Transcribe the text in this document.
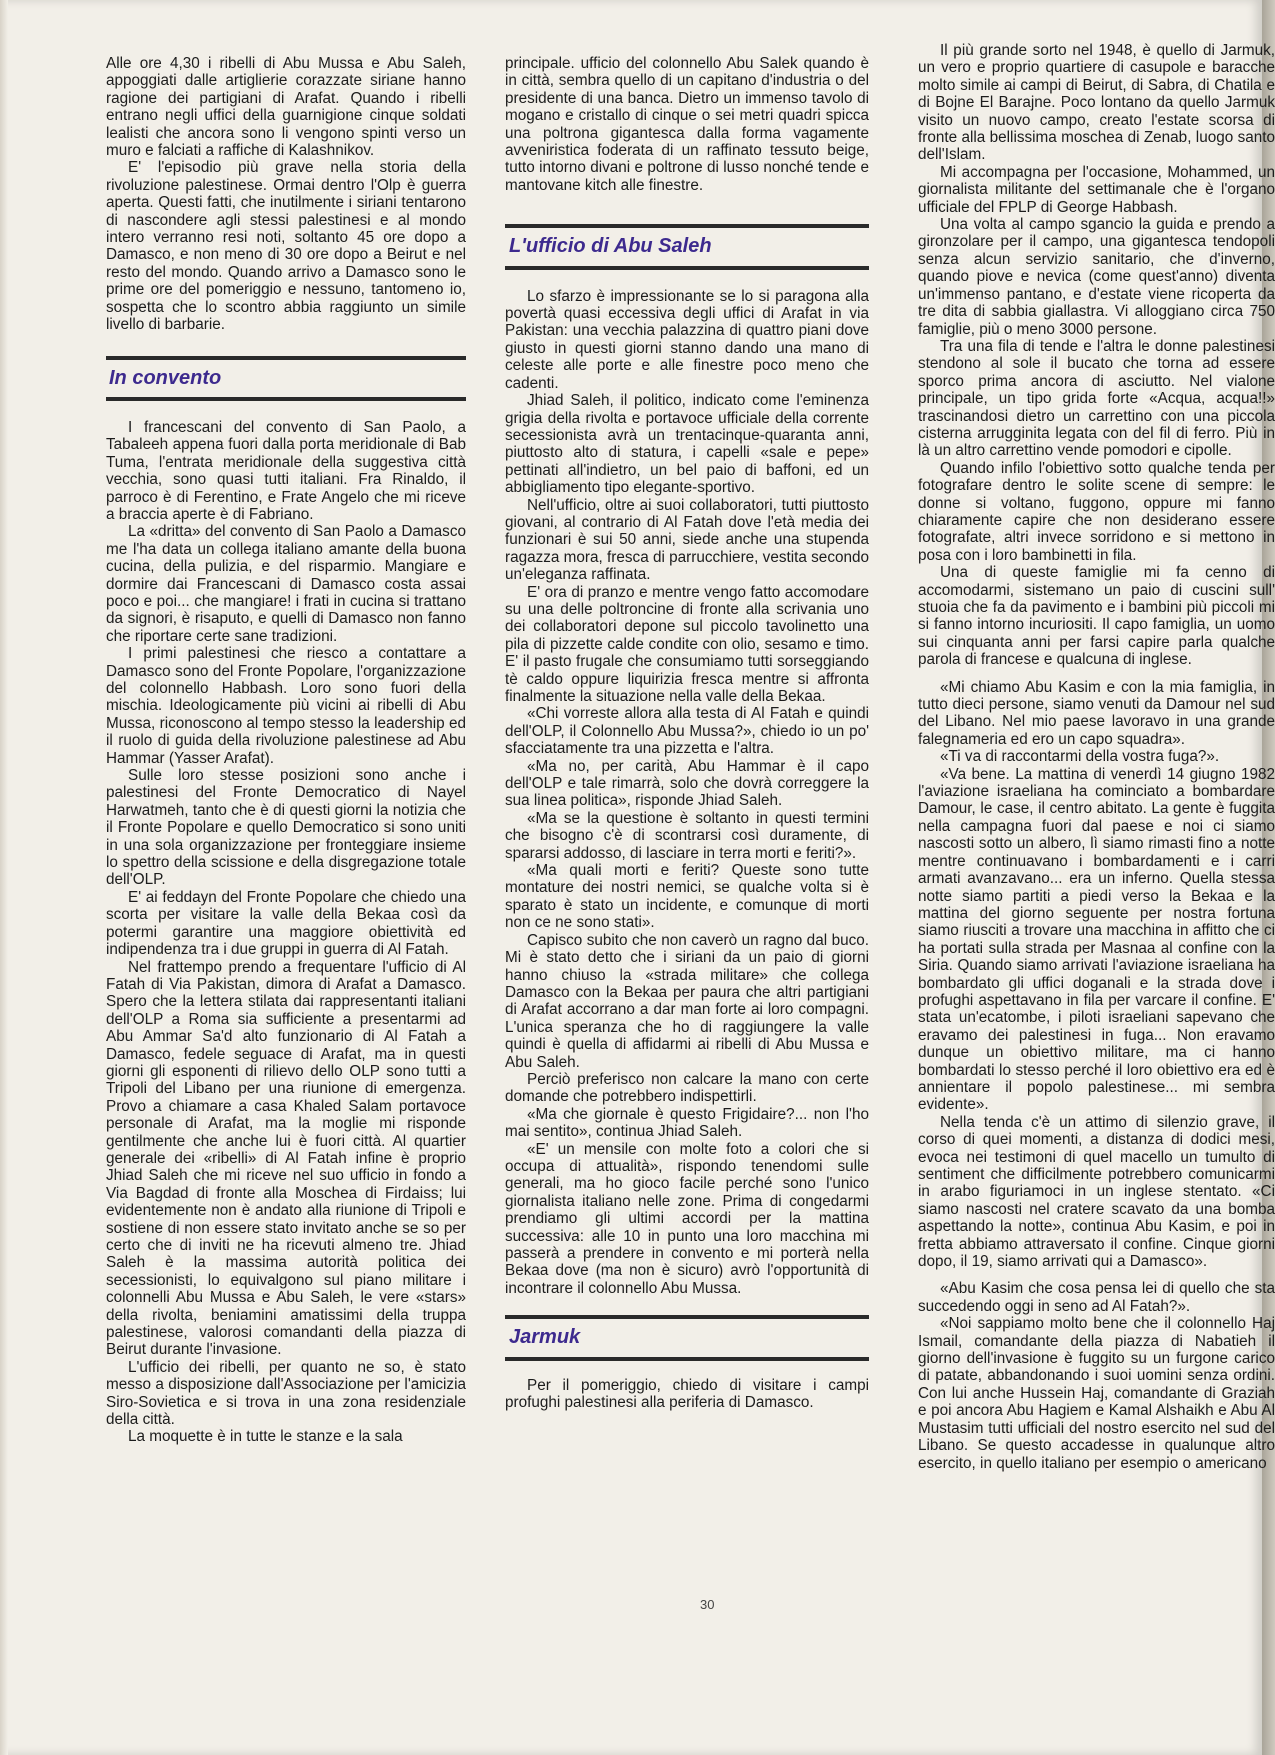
Alle ore 4,30 i ribelli di Abu Mussa e Abu Saleh, appoggiati dalle artiglierie corazzate siriane hanno ragione dei partigiani di Arafat. Quando i ribelli entrano negli uffici della guarnigione cinque soldati lealisti che ancora sono li vengono spinti verso un muro e falciati a raffiche di Kalashnikov.

E' l'episodio più grave nella storia della rivoluzione palestinese. Ormai dentro l'Olp è guerra aperta. Questi fatti, che inutilmente i siriani tentarono di nascondere agli stessi palestinesi e al mondo intero verranno resi noti, soltanto 45 ore dopo a Damasco, e non meno di 30 ore dopo a Beirut e nel resto del mondo. Quando arrivo a Damasco sono le prime ore del pomeriggio e nessuno, tantomeno io, sospetta che lo scontro abbia raggiunto un simile livello di barbarie.

In convento

I francescani del convento di San Paolo, a Tabaleeh appena fuori dalla porta meridionale di Bab Tuma, l'entrata meridionale della suggestiva città vecchia, sono quasi tutti italiani. Fra Rinaldo, il parroco è di Ferentino, e Frate Angelo che mi riceve a braccia aperte è di Fabriano.

La «dritta» del convento di San Paolo a Damasco me l'ha data un collega italiano amante della buona cucina, della pulizia, e del risparmio. Mangiare e dormire dai Francescani di Damasco costa assai poco e poi... che mangiare! i frati in cucina si trattano da signori, è risaputo, e quelli di Damasco non fanno che riportare certe sane tradizioni.

I primi palestinesi che riesco a contattare a Damasco sono del Fronte Popolare, l'organizzazione del colonnello Habbash. Loro sono fuori della mischia. Ideologicamente più vicini ai ribelli di Abu Mussa, riconoscono al tempo stesso la leadership ed il ruolo di guida della rivoluzione palestinese ad Abu Hammar (Yasser Arafat).

Sulle loro stesse posizioni sono anche i palestinesi del Fronte Democratico di Nayel Harwatmeh, tanto che è di questi giorni la notizia che il Fronte Popolare e quello Democratico si sono uniti in una sola organizzazione per fronteggiare insieme lo spettro della scissione e della disgregazione totale dell'OLP.

E' ai feddayn del Fronte Popolare che chiedo una scorta per visitare la valle della Bekaa così da potermi garantire una maggiore obiettività ed indipendenza tra i due gruppi in guerra di Al Fatah.

Nel frattempo prendo a frequentare l'ufficio di Al Fatah di Via Pakistan, dimora di Arafat a Damasco. Spero che la lettera stilata dai rappresentanti italiani dell'OLP a Roma sia sufficiente a presentarmi ad Abu Ammar Sa'd alto funzionario di Al Fatah a Damasco, fedele seguace di Arafat, ma in questi giorni gli esponenti di rilievo dello OLP sono tutti a Tripoli del Libano per una riunione di emergenza. Provo a chiamare a casa Khaled Salam portavoce personale di Arafat, ma la moglie mi risponde gentilmente che anche lui è fuori città. Al quartier generale dei «ribelli» di Al Fatah infine è proprio Jhiad Saleh che mi riceve nel suo ufficio in fondo a Via Bagdad di fronte alla Moschea di Firdaiss; lui evidentemente non è andato alla riunione di Tripoli e sostiene di non essere stato invitato anche se so per certo che di inviti ne ha ricevuti almeno tre. Jhiad Saleh è la massima autorità politica dei secessionisti, lo equivalgono sul piano militare i colonnelli Abu Mussa e Abu Saleh, le vere «stars» della rivolta, beniamini amatissimi della truppa palestinese, valorosi comandanti della piazza di Beirut durante l'invasione.

L'ufficio dei ribelli, per quanto ne so, è stato messo a disposizione dall'Associazione per l'amicizia Siro-Sovietica e si trova in una zona residenziale della città.

La moquette è in tutte le stanze e la sala

principale. ufficio del colonnello Abu Salek quando è in città, sembra quello di un capitano d'industria o del presidente di una banca. Dietro un immenso tavolo di mogano e cristallo di cinque o sei metri quadri spicca una poltrona gigantesca dalla forma vagamente avveniristica foderata di un raffinato tessuto beige, tutto intorno divani e poltrone di lusso nonché tende e mantovane kitch alle finestre.

L'ufficio di Abu Saleh

Lo sfarzo è impressionante se lo si paragona alla povertà quasi eccessiva degli uffici di Arafat in via Pakistan: una vecchia palazzina di quattro piani dove giusto in questi giorni stanno dando una mano di celeste alle porte e alle finestre poco meno che cadenti.

Jhiad Saleh, il politico, indicato come l'eminenza grigia della rivolta e portavoce ufficiale della corrente secessionista avrà un trentacinque-quaranta anni, piuttosto alto di statura, i capelli «sale e pepe» pettinati all'indietro, un bel paio di baffoni, ed un abbigliamento tipo elegante-sportivo.

Nell'ufficio, oltre ai suoi collaboratori, tutti piuttosto giovani, al contrario di Al Fatah dove l'età media dei funzionari è sui 50 anni, siede anche una stupenda ragazza mora, fresca di parrucchiere, vestita secondo un'eleganza raffinata.

E' ora di pranzo e mentre vengo fatto accomodare su una delle poltroncine di fronte alla scrivania uno dei collaboratori depone sul piccolo tavolinetto una pila di pizzette calde condite con olio, sesamo e timo. E' il pasto frugale che consumiamo tutti sorseggiando tè caldo oppure liquirizia fresca mentre si affronta finalmente la situazione nella valle della Bekaa.

«Chi vorreste allora alla testa di Al Fatah e quindi dell'OLP, il Colonnello Abu Mussa?», chiedo io un po' sfacciatamente tra una pizzetta e l'altra.

«Ma no, per carità, Abu Hammar è il capo dell'OLP e tale rimarrà, solo che dovrà correggere la sua linea politica», risponde Jhiad Saleh.

«Ma se la questione è soltanto in questi termini che bisogno c'è di scontrarsi così duramente, di spararsi addosso, di lasciare in terra morti e feriti?».

«Ma quali morti e feriti? Queste sono tutte montature dei nostri nemici, se qualche volta si è sparato è stato un incidente, e comunque di morti non ce ne sono stati».

Capisco subito che non caverò un ragno dal buco. Mi è stato detto che i siriani da un paio di giorni hanno chiuso la «strada militare» che collega Damasco con la Bekaa per paura che altri partigiani di Arafat accorrano a dar man forte ai loro compagni. L'unica speranza che ho di raggiungere la valle quindi è quella di affidarmi ai ribelli di Abu Mussa e Abu Saleh.

Perciò preferisco non calcare la mano con certe domande che potrebbero indispettirli.

«Ma che giornale è questo Frigidaire?... non l'ho mai sentito», continua Jhiad Saleh.

«E' un mensile con molte foto a colori che si occupa di attualità», rispondo tenendomi sulle generali, ma ho gioco facile perché sono l'unico giornalista italiano nelle zone. Prima di congedarmi prendiamo gli ultimi accordi per la mattina successiva: alle 10 in punto una loro macchina mi passerà a prendere in convento e mi porterà nella Bekaa dove (ma non è sicuro) avrò l'opportunità di incontrare il colonnello Abu Mussa.

Jarmuk

Per il pomeriggio, chiedo di visitare i campi profughi palestinesi alla periferia di Damasco.

Il più grande sorto nel 1948, è quello di Jarmuk, un vero e proprio quartiere di casupole e baracche molto simile ai campi di Beirut, di Sabra, di Chatila e di Bojne El Barajne. Poco lontano da quello Jarmuk visito un nuovo campo, creato l'estate scorsa di fronte alla bellissima moschea di Zenab, luogo santo dell'Islam.

Mi accompagna per l'occasione, Mohammed, un giornalista militante del settimanale che è l'organo ufficiale del FPLP di George Habbash.

Una volta al campo sgancio la guida e prendo a gironzolare per il campo, una gigantesca tendopoli senza alcun servizio sanitario, che d'inverno, quando piove e nevica (come quest'anno) diventa un'immenso pantano, e d'estate viene ricoperta da tre dita di sabbia giallastra. Vi alloggiano circa 750 famiglie, più o meno 3000 persone.

Tra una fila di tende e l'altra le donne palestinesi stendono al sole il bucato che torna ad essere sporco prima ancora di asciutto. Nel vialone principale, un tipo grida forte «Acqua, acqua!!» trascinandosi dietro un carrettino con una piccola cisterna arrugginita legata con del fil di ferro. Più in là un altro carrettino vende pomodori e cipolle.

Quando infilo l'obiettivo sotto qualche tenda per fotografare dentro le solite scene di sempre: le donne si voltano, fuggono, oppure mi fanno chiaramente capire che non desiderano essere fotografate, altri invece sorridono e si mettono in posa con i loro bambinetti in fila.

Una di queste famiglie mi fa cenno di accomodarmi, sistemano un paio di cuscini sull' stuoia che fa da pavimento e i bambini più piccoli mi si fanno intorno incuriositi. Il capo famiglia, un uomo sui cinquanta anni per farsi capire parla qualche parola di francese e qualcuna di inglese.

«Mi chiamo Abu Kasim e con la mia famiglia, in tutto dieci persone, siamo venuti da Damour nel sud del Libano. Nel mio paese lavoravo in una grande falegnameria ed ero un capo squadra».

«Ti va di raccontarmi della vostra fuga?».

«Va bene. La mattina di venerdì 14 giugno 1982 l'aviazione israeliana ha cominciato a bombardare Damour, le case, il centro abitato. La gente è fuggita nella campagna fuori dal paese e noi ci siamo nascosti sotto un albero, lì siamo rimasti fino a notte mentre continuavano i bombardamenti e i carri armati avanzavano... era un inferno. Quella stessa notte siamo partiti a piedi verso la Bekaa e la mattina del giorno seguente per nostra fortuna siamo riusciti a trovare una macchina in affitto che ci ha portati sulla strada per Masnaa al confine con la Siria. Quando siamo arrivati l'aviazione israeliana ha bombardato gli uffici doganali e la strada dove i profughi aspettavano in fila per varcare il confine. E' stata un'ecatombe, i piloti israeliani sapevano che eravamo dei palestinesi in fuga... Non eravamo dunque un obiettivo militare, ma ci hanno bombardati lo stesso perché il loro obiettivo era ed è annientare il popolo palestinese... mi sembra evidente».

Nella tenda c'è un attimo di silenzio grave, il corso di quei momenti, a distanza di dodici mesi, evoca nei testimoni di quel macello un tumulto di sentiment che difficilmente potrebbero comunicarmi in arabo figuriamoci in un inglese stentato. «Ci siamo nascosti nel cratere scavato da una bomba aspettando la notte», continua Abu Kasim, e poi in fretta abbiamo attraversato il confine. Cinque giorni dopo, il 19, siamo arrivati qui a Damasco».

«Abu Kasim che cosa pensa lei di quello che sta succedendo oggi in seno ad Al Fatah?».

«Noi sappiamo molto bene che il colonnello Haj Ismail, comandante della piazza di Nabatieh il giorno dell'invasione è fuggito su un furgone carico di patate, abbandonando i suoi uomini senza ordini. Con lui anche Hussein Haj, comandante di Graziah e poi ancora Abu Hagiem e Kamal Alshaikh e Abu Al Mustasim tutti ufficiali del nostro esercito nel sud del Libano. Se questo accadesse in qualunque altro esercito, in quello italiano per esempio o americano

30
